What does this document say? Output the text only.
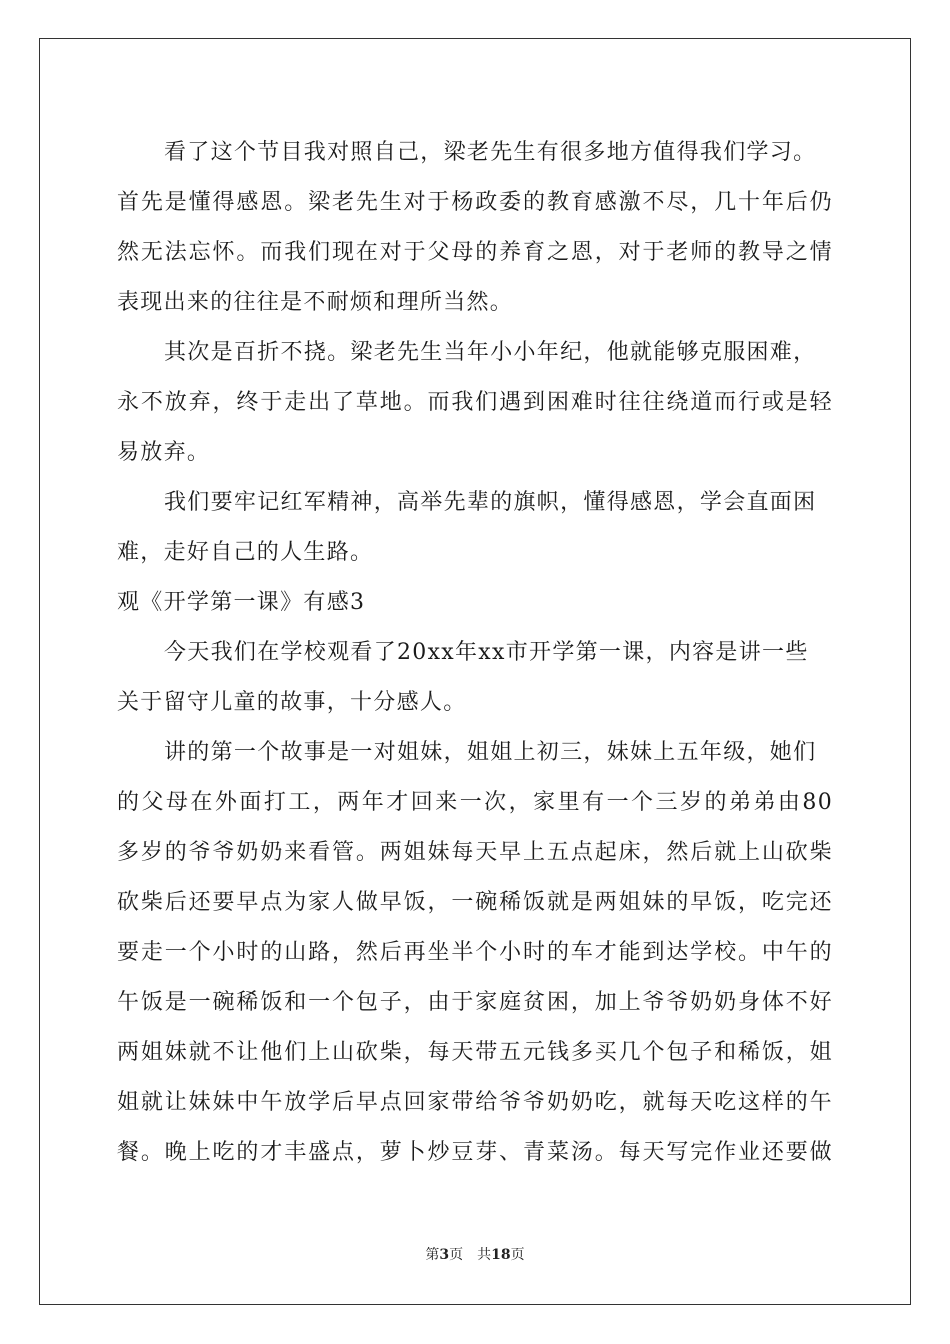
看了这个节目我对照自己，梁老先生有很多地方值得我们学习。
首先是懂得感恩。梁老先生对于杨政委的教育感激不尽，几十年后仍
然无法忘怀。而我们现在对于父母的养育之恩，对于老师的教导之情
表现出来的往往是不耐烦和理所当然。
其次是百折不挠。梁老先生当年小小年纪，他就能够克服困难，
永不放弃，终于走出了草地。而我们遇到困难时往往绕道而行或是轻
易放弃。
我们要牢记红军精神，高举先辈的旗帜，懂得感恩，学会直面困
难，走好自己的人生路。
观《开学第一课》有感3
今天我们在学校观看了20xx年xx市开学第一课，内容是讲一些
关于留守儿童的故事，十分感人。
讲的第一个故事是一对姐妹，姐姐上初三，妹妹上五年级，她们
的父母在外面打工，两年才回来一次，家里有一个三岁的弟弟由80
多岁的爷爷奶奶来看管。两姐妹每天早上五点起床，然后就上山砍柴
砍柴后还要早点为家人做早饭，一碗稀饭就是两姐妹的早饭，吃完还
要走一个小时的山路，然后再坐半个小时的车才能到达学校。中午的
午饭是一碗稀饭和一个包子，由于家庭贫困，加上爷爷奶奶身体不好
两姐妹就不让他们上山砍柴，每天带五元钱多买几个包子和稀饭，姐
姐就让妹妹中午放学后早点回家带给爷爷奶奶吃，就每天吃这样的午
餐。晚上吃的才丰盛点，萝卜炒豆芽、青菜汤。每天写完作业还要做
第3页 共18页
